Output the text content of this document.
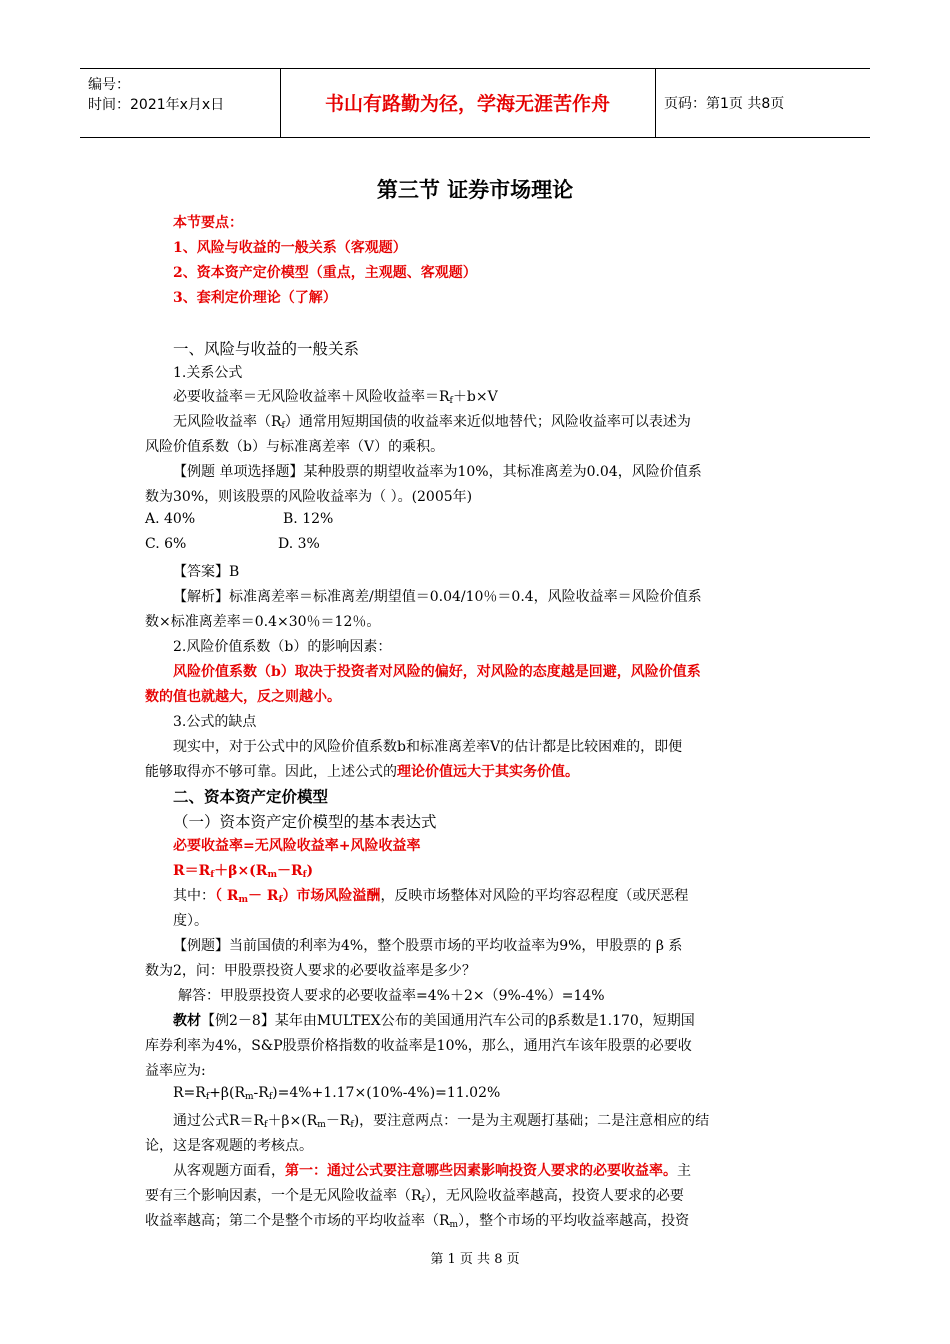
编号：
时间：2021年x月x日	书山有路勤为径，学海无涯苦作舟	页码：第1页 共8页
第三节 证券市场理论
本节要点：
1、风险与收益的一般关系（客观题）
2、资本资产定价模型（重点，主观题、客观题）
3、套利定价理论（了解）
一、风险与收益的一般关系
1.关系公式
必要收益率＝无风险收益率＋风险收益率$=R_f+b\times V$
无风险收益率$(R_f)$通常用短期国债的收益率来近似地替代；风险收益率可以表述为
风险价值系数（b）与标准离差率（V）的乘积。
【例题 单项选择题】某种股票的期望收益率为10%，其标准离差为0.04，风险价值系
数为30%，则该股票的风险收益率为（ ）。(2005年)
A. 40%	B. 12%
C. 6%	D. 3%
【答案】B
【解析】标准离差率＝标准离差/期望值＝0.04/10％＝0.4，风险收益率＝风险价值系
数×标准离差率＝0.4×30％＝12％。
2.风险价值系数（b）的影响因素：
风险价值系数（b）取决于投资者对风险的偏好，对风险的态度越是回避，风险价值系
数的值也就越大，反之则越小。
3.公式的缺点
现实中，对于公式中的风险价值系数b和标准离差率V的估计都是比较困难的，即便
能够取得亦不够可靠。因此，上述公式的理论价值远大于其实务价值。
二、资本资产定价模型
（一）资本资产定价模型的基本表达式
必要收益率=无风险收益率+风险收益率
$R=R_f+\beta\times(R_m-R_f)$
其中：（ $R_m- R_f$）市场风险溢酬，反映市场整体对风险的平均容忍程度（或厌恶程
度）。
【例题】当前国债的利率为4%，整个股票市场的平均收益率为9%，甲股票的 β 系
数为2，问：甲股票投资人要求的必要收益率是多少？
解答：甲股票投资人要求的必要收益率=4%＋2×（9%-4%）=14%
教材【例2－8】某年由MULTEX公布的美国通用汽车公司的β系数是1.170，短期国
库券利率为4%，S&P股票价格指数的收益率是10%，那么，通用汽车该年股票的必要收
益率应为:
$R=R_f+\beta(R_m-R_f)=4\%+1.17\times(10\%-4\%)=11.02\%$
通过公式$R=R_f+\beta\times(R_m-R_f)$，要注意两点：一是为主观题打基础；二是注意相应的结
论，这是客观题的考核点。
从客观题方面看，第一：通过公式要注意哪些因素影响投资人要求的必要收益率。主
要有三个影响因素，一个是无风险收益率$(R_f)$，无风险收益率越高，投资人要求的必要
收益率越高；第二个是整个市场的平均收益率$(R_m)$，整个市场的平均收益率越高，投资
第 1 页 共 8 页
